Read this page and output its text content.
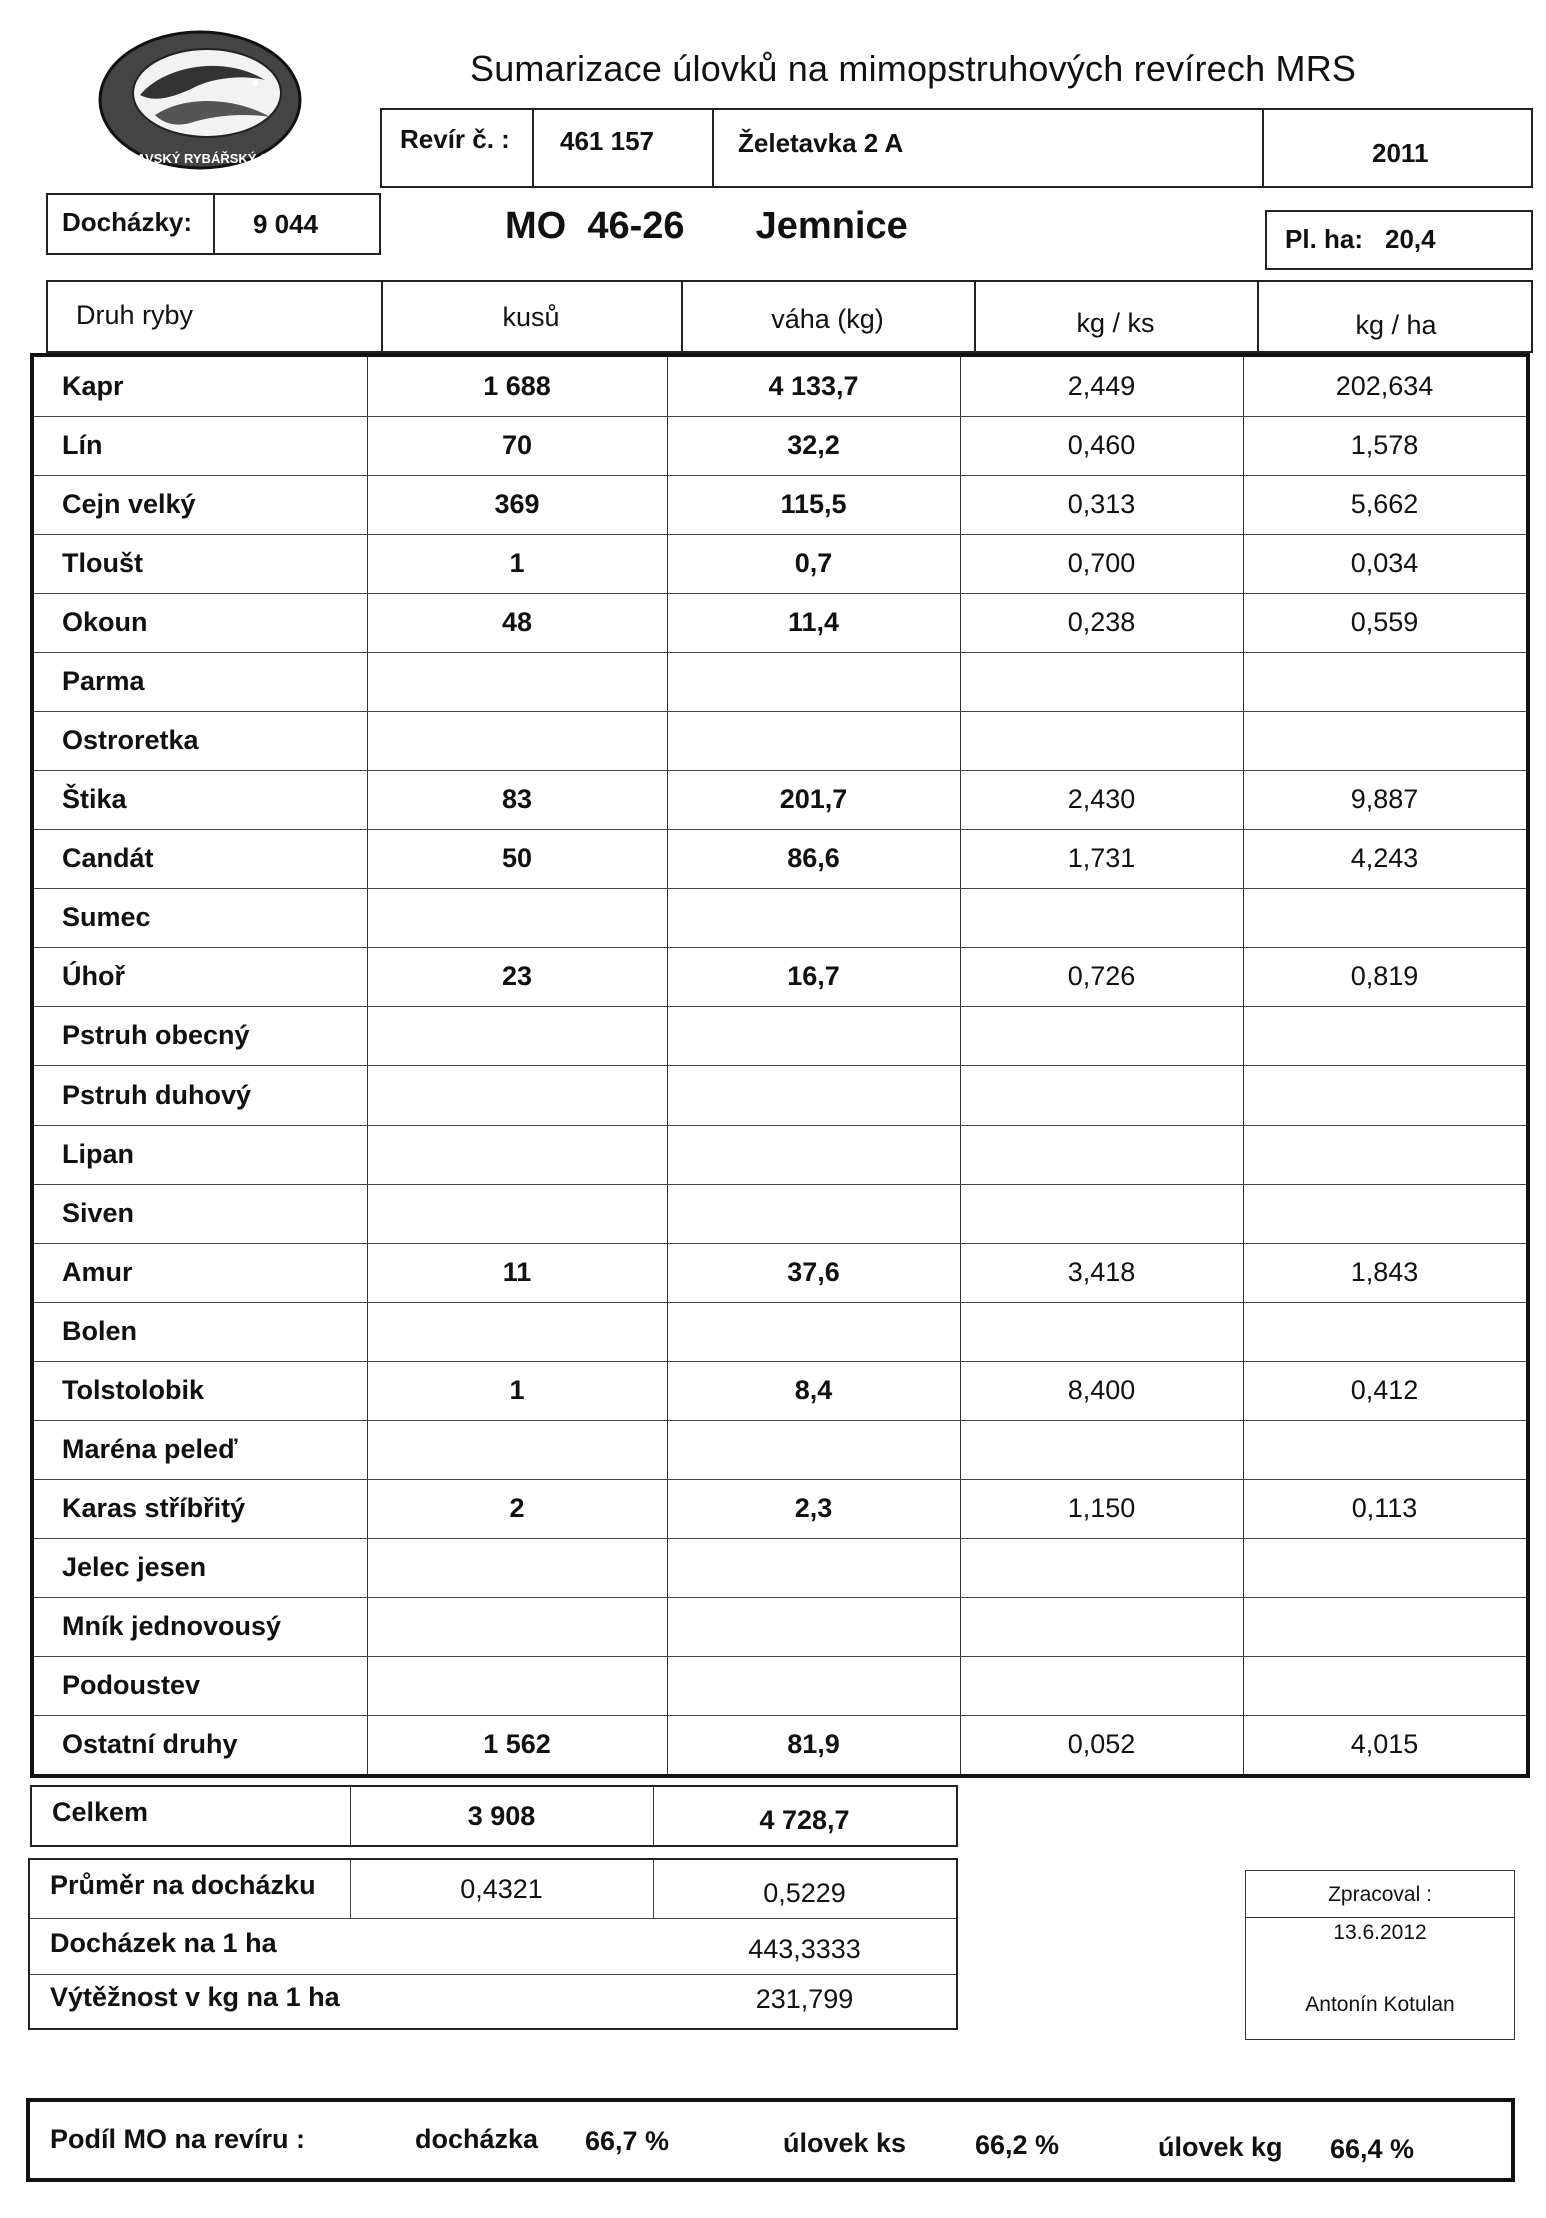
MORAVSKÝ RYBÁŘSKÝ SVAZ
Sumarizace úlovků na mimopstruhových revírech MRS
Revír č. : 461 157	Želetavka 2 A	2011
Docházky: 9 044	MO  46-26 Jemnice	Pl. ha: 20,4
Druh ryby	kusů	váha (kg)	kg / ks	kg / ha
Kapr	1 688	4 133,7	2,449	202,634
Lín	70	32,2	0,460	1,578
Cejn velký	369	115,5	0,313	5,662
Tloušt	1	0,7	0,700	0,034
Okoun	48	11,4	0,238	0,559
Parma
Ostroretka
Štika	83	201,7	2,430	9,887
Candát	50	86,6	1,731	4,243
Sumec
Úhoř	23	16,7	0,726	0,819
Pstruh obecný
Pstruh duhový
Lipan
Siven
Amur	11	37,6	3,418	1,843
Bolen
Tolstolobik	1	8,4	8,400	0,412
Maréna peleď
Karas stříbřitý	2	2,3	1,150	0,113
Jelec jesen
Mník jednovousý
Podoustev
Ostatní druhy	1 562	81,9	0,052	4,015
Celkem	3 908	4 728,7
Průměr na docházku	0,4321	0,5229
Docházek na 1 ha	443,3333
Výtěžnost v kg na 1 ha	231,799
Zpracoval :
13.6.2012
Antonín Kotulan
Podíl MO na revíru :	docházka 66,7 %	úlovek ks	66,2 %	úlovek kg 66,4 %
